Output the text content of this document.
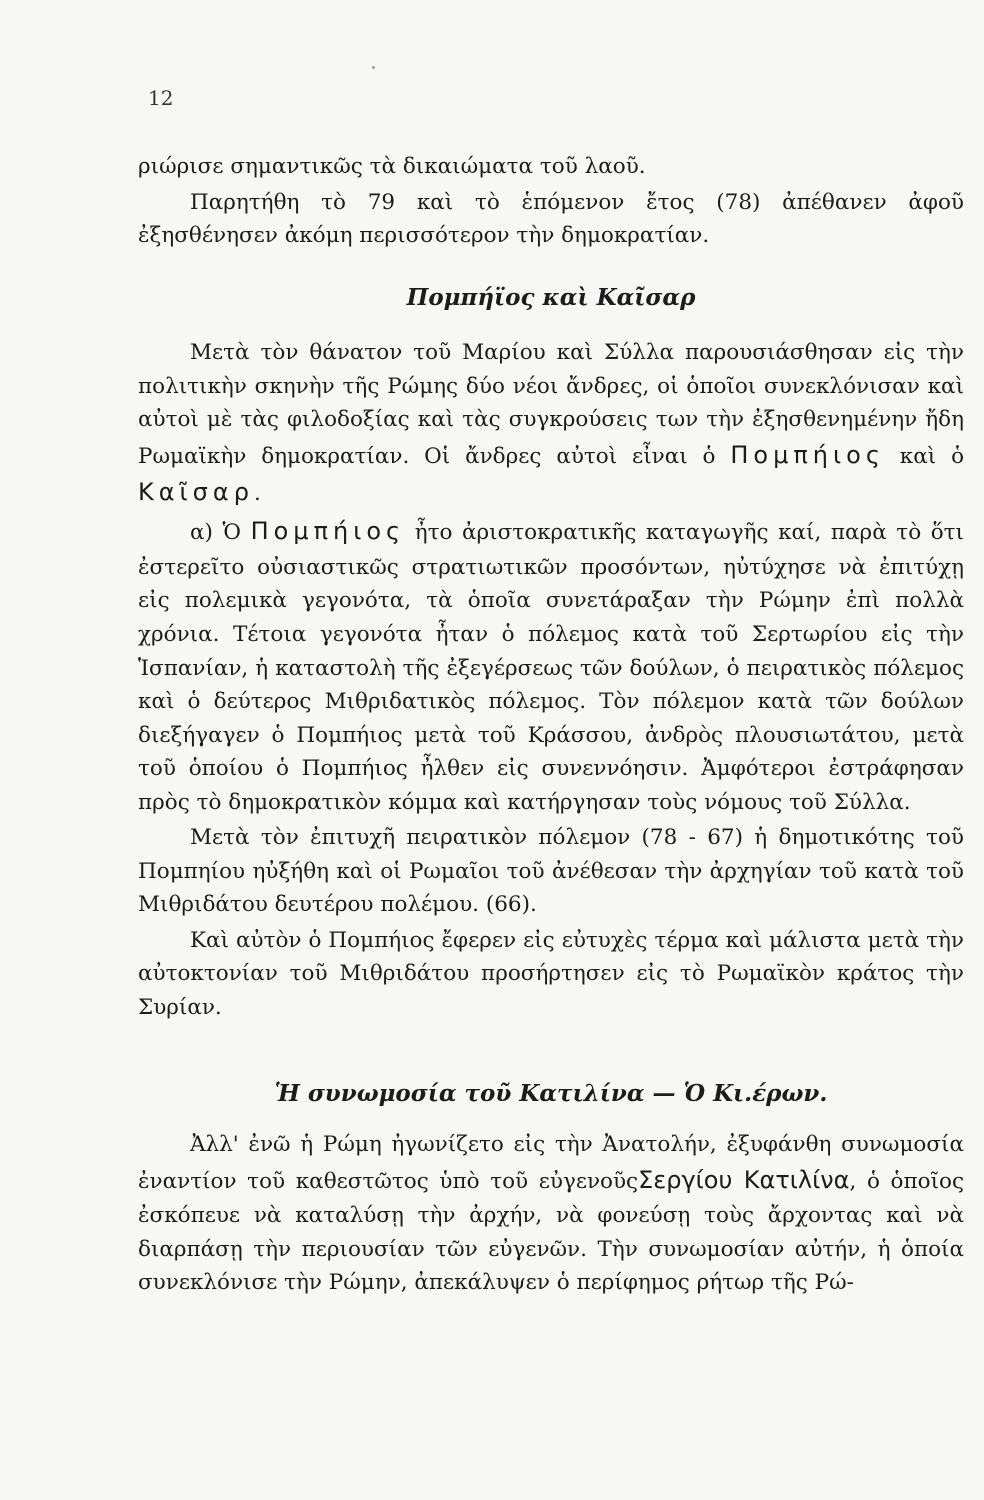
12

ριώρισε σημαντικῶς τὰ δικαιώματα τοῦ λαοῦ.

Παρητήθη τὸ 79 καὶ τὸ ἑπόμενον ἔτος (78) ἀπέθανεν ἀφοῦ ἐξησθένησεν ἀκόμη περισσότερον τὴν δημοκρατίαν.

Πομπήϊος καὶ Καῖσαρ

Μετὰ τὸν θάνατον τοῦ Μαρίου καὶ Σύλλα παρουσιάσθησαν εἰς τὴν πολιτικὴν σκηνὴν τῆς Ρώμης δύο νέοι ἄνδρες, οἱ ὁποῖοι συνεκλόνισαν καὶ αὐτοὶ μὲ τὰς φιλοδοξίας καὶ τὰς συγκρούσεις των τὴν ἐξησθενημένην ἤδη Ρωμαϊκὴν δημοκρατίαν. Οἱ ἄνδρες αὐτοὶ εἶναι ὁ Πομπήιος καὶ ὁ Καῖσαρ.

α) Ὁ Πομπήιος ἦτο ἀριστοκρατικῆς καταγωγῆς καί, παρὰ τὸ ὅτι ἐστερεῖτο οὐσιαστικῶς στρατιωτικῶν προσόντων, ηὐτύχησε νὰ ἐπιτύχῃ εἰς πολεμικὰ γεγονότα, τὰ ὁποῖα συνετάραξαν τὴν Ρώμην ἐπὶ πολλὰ χρόνια. Τέτοια γεγονότα ἦταν ὁ πόλεμος κατὰ τοῦ Σερτωρίου εἰς τὴν Ἱσπανίαν, ἡ καταστολὴ τῆς ἐξεγέρσεως τῶν δούλων, ὁ πειρατικὸς πόλεμος καὶ ὁ δεύτερος Μιθριδατικὸς πόλεμος. Τὸν πόλεμον κατὰ τῶν δούλων διεξήγαγεν ὁ Πομπήιος μετὰ τοῦ Κράσσου, ἀνδρὸς πλουσιωτάτου, μετὰ τοῦ ὁποίου ὁ Πομπήιος ἦλθεν εἰς συνεννόησιν. Ἀμφότεροι ἐστράφησαν πρὸς τὸ δημοκρατικὸν κόμμα καὶ κατήργησαν τοὺς νόμους τοῦ Σύλλα.

Μετὰ τὸν ἐπιτυχῆ πειρατικὸν πόλεμον (78 - 67) ἡ δημοτικότης τοῦ Πομπηίου ηὐξήθη καὶ οἱ Ρωμαῖοι τοῦ ἀνέθεσαν τὴν ἀρχηγίαν τοῦ κατὰ τοῦ Μιθριδάτου δευτέρου πολέμου. (66).

Καὶ αὐτὸν ὁ Πομπήιος ἔφερεν εἰς εὐτυχὲς τέρμα καὶ μάλιστα μετὰ τὴν αὐτοκτονίαν τοῦ Μιθριδάτου προσήρτησεν εἰς τὸ Ρωμαϊκὸν κράτος τὴν Συρίαν.

Ἡ συνωμοσία τοῦ Κατιλίνα — Ὁ Κι.έρων.

Ἀλλ' ἐνῶ ἡ Ρώμη ἠγωνίζετο εἰς τὴν Ἀνατολήν, ἐξυφάνθη συνωμοσία ἐναντίον τοῦ καθεστῶτος ὑπὸ τοῦ εὐγενοῦςΣεργίου Κατιλίνα, ὁ ὁποῖος ἐσκόπευε νὰ καταλύσῃ τὴν ἀρχήν, νὰ φονεύσῃ τοὺς ἄρχοντας καὶ νὰ διαρπάσῃ τὴν περιουσίαν τῶν εὐγενῶν. Τὴν συνωμοσίαν αὐτήν, ἡ ὁποία συνεκλόνισε τὴν Ρώμην, ἀπεκάλυψεν ὁ περίφημος ρήτωρ τῆς Ρώ-
